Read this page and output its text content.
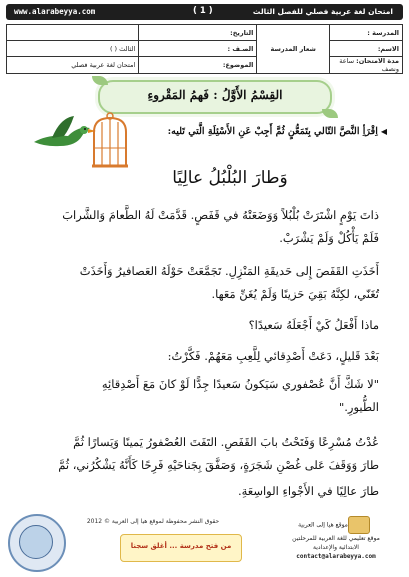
www.alarabeyya.com	( 1 )	امتحان لغة عربية فصلي للفصل الثالث
المدرسة :	شعار المدرسة	التاريخ:	
الاسم:		الصـف :	الثالث ( )
مدة الامتحان: ساعة ونصف		الموضوع:	امتحان لغة عربية فصلي
القِسْمُ الأَوَّلُ : فَهمُ المَقْروءِ
◀اِقْرَأِ النَّصَّ التّالي بِتَمَعُّنٍ ثُمَّ أَجِبْ عَنِ الأَسْئِلَةِ الَّتي تَليه:
وَطارَ البُلْبُلُ عالِيًا
ذاتَ يَوْمٍ اشْتَرَتْ بُلْبُلاً وَوَضَعَتْهُ في قَفَصٍ. قَدَّمَتْ لَهُ الطَّعامَ وَالشَّرابَ
فَلَمْ يَأْكُلْ وَلَمْ يَشْرَبْ.
أَخَذَتِ القَفَصَ إِلى حَديقَةِ المَنْزِلِ. تَجَمَّعَتْ حَوْلَهُ العَصافيرُ وَأَخَذَتْ
تُغَنّي، لكِنَّهُ بَقِيَ حَزينًا وَلَمْ يُغَنِّ مَعَها.
ماذا أَفْعَلُ كَيْ أَجْعَلَهُ سَعيدًا؟
بَعْدَ قَليلٍ، دَعَتْ أَصْدِقائي لِلَّعِبِ مَعَهُمْ. فَكَّرْتُ:
"لا شَكَّ أَنَّ عُصْفوري سَيَكونُ سَعيدًا جِدًّا لَوْ كانَ مَعَ أَصْدِقائِهِ
الطُّيورِ."
عُدْتُ مُسْرِعًا وَفَتَحْتُ بابَ القَفَصِ. التَفَتَ العُصْفورُ يَمينًا وَيَسارًا ثُمَّ
طارَ وَوَقَفَ عَلى غُصْنِ شَجَرَةٍ، وَصَفَّقَ بِجَناحَيْهِ فَرِحًا كَأَنَّهُ يَشْكُرُني، ثُمَّ
طارَ عالِيًا في الأَجْواءِ الواسِعَةِ.
حقوق النشر محفوظة لموقع هيا إلى العربية © 2012
من فتح مدرسة ... أغلق سجنا
موقع هيا إلى العربية
موقع تعليمي للغة العربية للمرحلتين
الابتدائية والإعدادية
contact@alarabeyya.com
